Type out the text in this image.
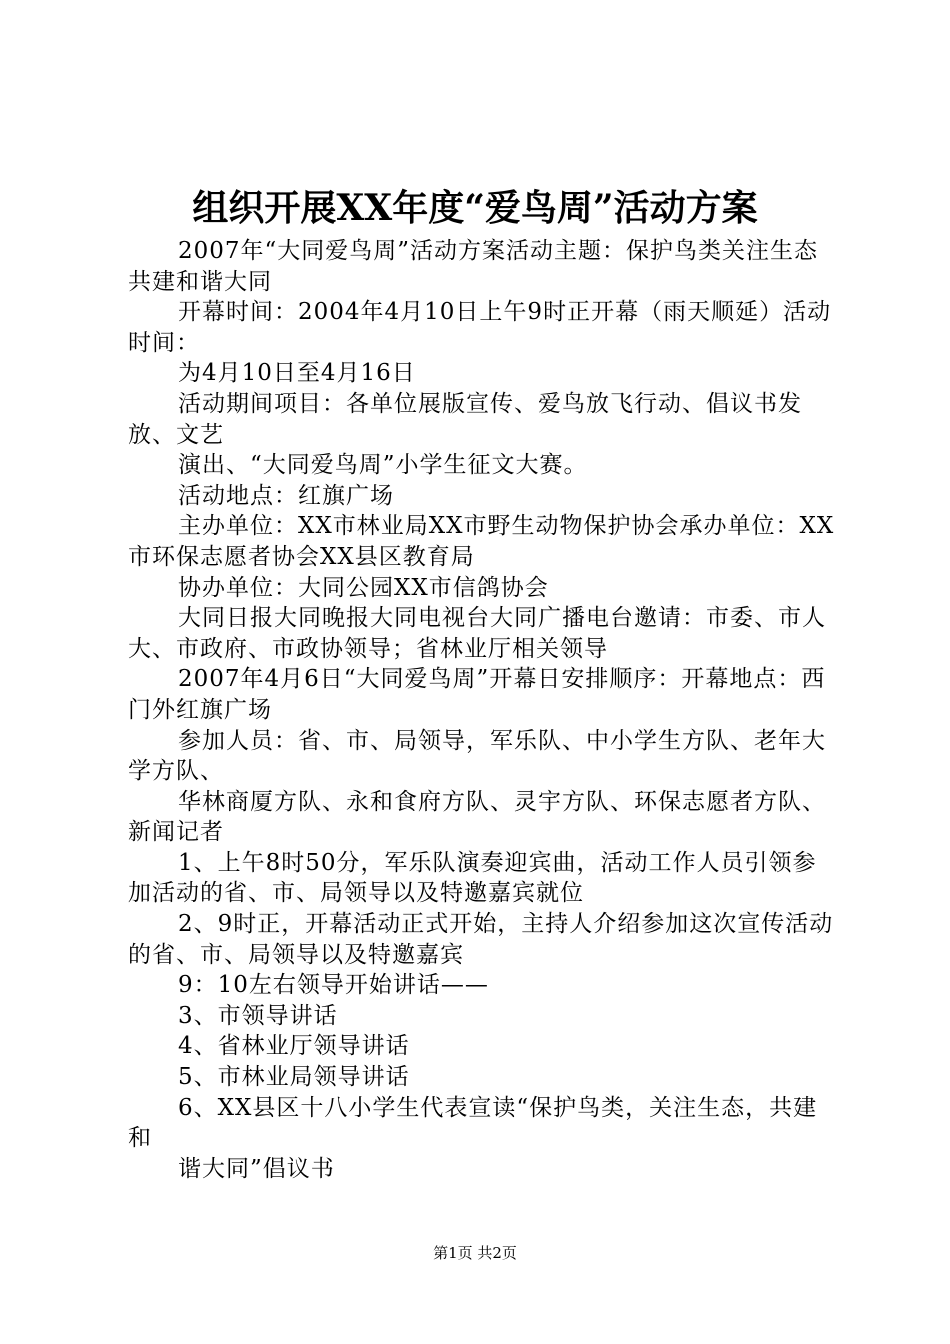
组织开展XX年度“爱鸟周”活动方案

2007年“大同爱鸟周”活动方案活动主题：保护鸟类关注生态共建和谐大同

开幕时间：2004年4月10日上午9时正开幕（雨天顺延）活动时间：

为4月10日至4月16日

活动期间项目：各单位展版宣传、爱鸟放飞行动、倡议书发放、文艺

演出、“大同爱鸟周”小学生征文大赛。

活动地点：红旗广场

主办单位：XX市林业局XX市野生动物保护协会承办单位：XX市环保志愿者协会XX县区教育局

协办单位：大同公园XX市信鸽协会

大同日报大同晚报大同电视台大同广播电台邀请：市委、市人大、市政府、市政协领导；省林业厅相关领导

2007年4月6日“大同爱鸟周”开幕日安排顺序：开幕地点：西门外红旗广场

参加人员：省、市、局领导，军乐队、中小学生方队、老年大学方队、

华林商厦方队、永和食府方队、灵宇方队、环保志愿者方队、新闻记者

1、上午8时50分，军乐队演奏迎宾曲，活动工作人员引领参加活动的省、市、局领导以及特邀嘉宾就位

2、9时正，开幕活动正式开始，主持人介绍参加这次宣传活动的省、市、局领导以及特邀嘉宾

9：10左右领导开始讲话——

3、市领导讲话

4、省林业厅领导讲话

5、市林业局领导讲话

6、XX县区十八小学生代表宣读“保护鸟类，关注生态，共建和

谐大同”倡议书

第1页 共2页
